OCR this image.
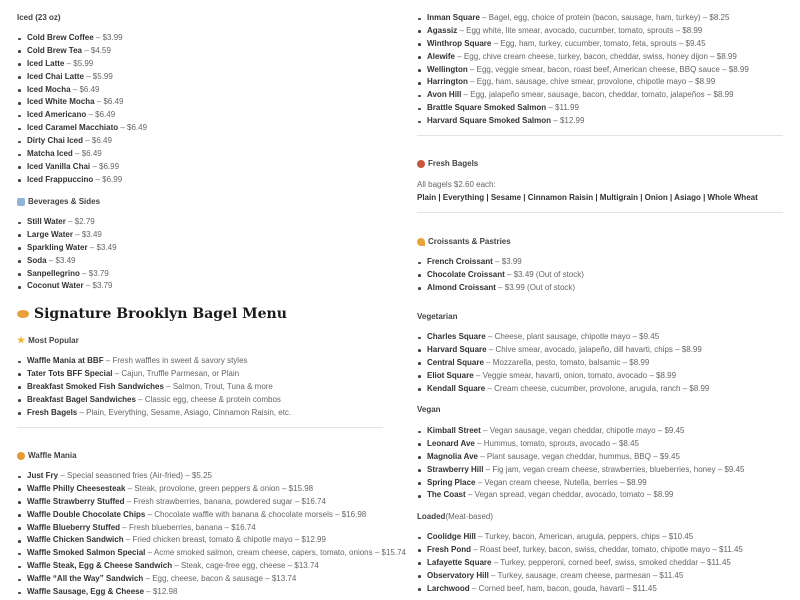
Iced (23 oz)
Cold Brew Coffee – $3.99
Cold Brew Tea – $4.59
Iced Latte – $5.99
Iced Chai Latte – $5.99
Iced Mocha – $6.49
Iced White Mocha – $6.49
Iced Americano – $6.49
Iced Caramel Macchiato – $6.49
Dirty Chai Iced – $6.49
Matcha Iced – $6.49
Iced Vanilla Chai – $6.99
Iced Frappuccino – $6.99
Beverages & Sides
Still Water – $2.79
Large Water – $3.49
Sparkling Water – $3.49
Soda – $3.49
Sanpellegrino – $3.79
Coconut Water – $3.79
Signature Brooklyn Bagel Menu
★ Most Popular
Waffle Mania at BBF – Fresh waffles in sweet & savory styles
Tater Tots BFF Special – Cajun, Truffle Parmesan, or Plain
Breakfast Smoked Fish Sandwiches – Salmon, Trout, Tuna & more
Breakfast Bagel Sandwiches – Classic egg, cheese & protein combos
Fresh Bagels – Plain, Everything, Sesame, Asiago, Cinnamon Raisin, etc.
Waffle Mania
Just Fry – Special seasoned fries (Air-fried) – $5.25
Waffle Philly Cheesesteak – Steak, provolone, green peppers & onion – $15.98
Waffle Strawberry Stuffed – Fresh strawberries, banana, powdered sugar – $16.74
Waffle Double Chocolate Chips – Chocolate waffle with banana & chocolate morsels – $16.98
Waffle Blueberry Stuffed – Fresh blueberries, banana – $16.74
Waffle Chicken Sandwich – Fried chicken breast, tomato & chipotle mayo – $12.99
Waffle Smoked Salmon Special – Acme smoked salmon, cream cheese, capers, tomato, onions – $15.74
Waffle Steak, Egg & Cheese Sandwich – Steak, cage-free egg, cheese – $13.74
Waffle “All the Way” Sandwich – Egg, cheese, bacon & sausage – $13.74
Waffle Sausage, Egg & Cheese – $12.98
Inman Square – Bagel, egg, choice of protein (bacon, sausage, ham, turkey) – $8.25
Agassiz – Egg white, lite smear, avocado, cucumber, tomato, sprouts – $8.99
Winthrop Square – Egg, ham, turkey, cucumber, tomato, feta, sprouts – $9.45
Alewife – Egg, chive cream cheese, turkey, bacon, cheddar, swiss, honey dijon – $8.99
Wellington – Egg, veggie smear, bacon, roast beef, American cheese, BBQ sauce – $8.99
Harrington – Egg, ham, sausage, chive smear, provolone, chipotle mayo – $8.99
Avon Hill – Egg, jalapeño smear, sausage, bacon, cheddar, tomato, jalapeños – $8.99
Brattle Square Smoked Salmon – $11.99
Harvard Square Smoked Salmon – $12.99
Fresh Bagels
All bagels $2.60 each:
Plain | Everything | Sesame | Cinnamon Raisin | Multigrain | Onion | Asiago | Whole Wheat
Croissants & Pastries
French Croissant – $3.99
Chocolate Croissant – $3.49 (Out of stock)
Almond Croissant – $3.99 (Out of stock)
Vegetarian
Charles Square – Cheese, plant sausage, chipotle mayo – $9.45
Harvard Square – Chive smear, avocado, jalapeño, dill havarti, chips – $8.99
Central Square – Mozzarella, pesto, tomato, balsamic – $8.99
Eliot Square – Veggie smear, havarti, onion, tomato, avocado – $8.99
Kendall Square – Cream cheese, cucumber, provolone, arugula, ranch – $8.99
Vegan
Kimball Street – Vegan sausage, vegan cheddar, chipotle mayo – $9.45
Leonard Ave – Hummus, tomato, sprouts, avocado – $8.45
Magnolia Ave – Plant sausage, vegan cheddar, hummus, BBQ – $9.45
Strawberry Hill – Fig jam, vegan cream cheese, strawberries, blueberries, honey – $9.45
Spring Place – Vegan cream cheese, Nutella, berries – $8.99
The Coast – Vegan spread, vegan cheddar, avocado, tomato – $8.99
Loaded (Meat-based)
Coolidge Hill – Turkey, bacon, American, arugula, peppers, chips – $10.45
Fresh Pond – Roast beef, turkey, bacon, swiss, cheddar, tomato, chipotle mayo – $11.45
Lafayette Square – Turkey, pepperoni, corned beef, swiss, smoked cheddar – $11.45
Observatory Hill – Turkey, sausage, cream cheese, parmesan – $11.45
Larchwood – Corned beef, ham, bacon, gouda, havarti – $11.45
